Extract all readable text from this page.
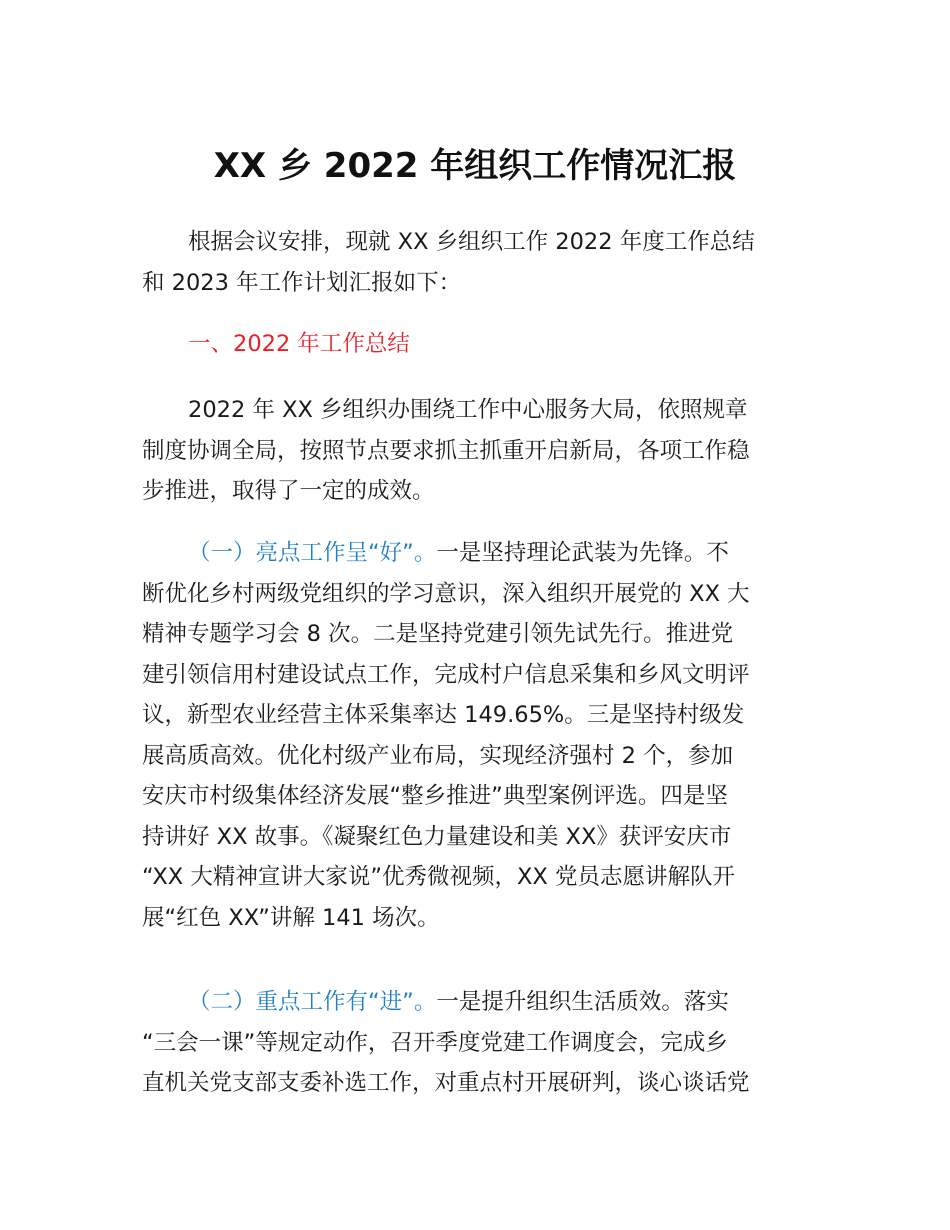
XX 乡 2022 年组织工作情况汇报

根据会议安排，现就 XX 乡组织工作 2022 年度工作总结
和 2023 年工作计划汇报如下：

一、2022 年工作总结

2022 年 XX 乡组织办围绕工作中心服务大局，依照规章
制度协调全局，按照节点要求抓主抓重开启新局，各项工作稳
步推进，取得了一定的成效。

（一）亮点工作呈“好”。一是坚持理论武装为先锋。不
断优化乡村两级党组织的学习意识，深入组织开展党的 XX 大
精神专题学习会 8 次。二是坚持党建引领先试先行。推进党
建引领信用村建设试点工作，完成村户信息采集和乡风文明评
议，新型农业经营主体采集率达 149.65%。三是坚持村级发
展高质高效。优化村级产业布局，实现经济强村 2 个，参加
安庆市村级集体经济发展“整乡推进”典型案例评选。四是坚
持讲好 XX 故事。《凝聚红色力量建设和美 XX》获评安庆市
“XX 大精神宣讲大家说”优秀微视频，XX 党员志愿讲解队开
展“红色 XX”讲解 141 场次。

（二）重点工作有“进”。一是提升组织生活质效。落实
“三会一课”等规定动作，召开季度党建工作调度会，完成乡
直机关党支部支委补选工作，对重点村开展研判，谈心谈话党
